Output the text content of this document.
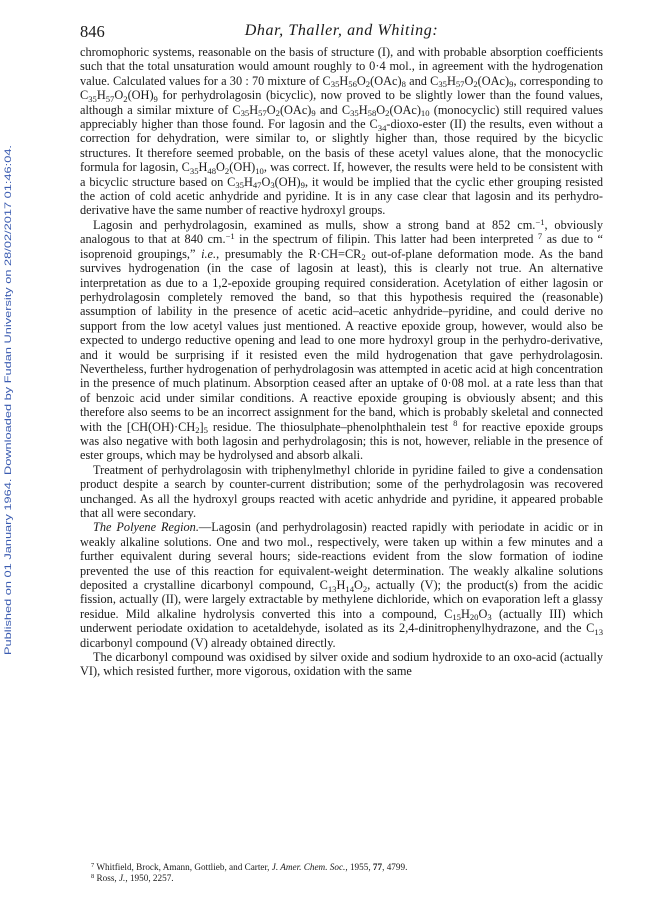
Published on 01 January 1964. Downloaded by Fudan University on 28/02/2017 01:46:04.
846	Dhar, Thaller, and Whiting:

chromophoric systems, reasonable on the basis of structure (I), and with probable absorption coefficients such that the total unsaturation would amount roughly to 0·4 mol., in agreement with the hydrogenation value. Calculated values for a 30 : 70 mixture of $C_{35}H_{56}O_2(OAc)_8$ and $C_{35}H_{57}O_2(OAc)_9$, corresponding to $C_{35}H_{57}O_2(OH)_9$ for perhydrolagosin (bicyclic), now proved to be slightly lower than the found values, although a similar mixture of $C_{35}H_{57}O_2(OAc)_9$ and $C_{35}H_{58}O_2(OAc)_{10}$ (monocyclic) still required values appreciably higher than those found. For lagosin and the $C_{34}-dioxo$-ester (II) the results, even without a correction for dehydration, were similar to, or slightly higher than, those required by the bicyclic structures. It therefore seemed probable, on the basis of these acetyl values alone, that the monocyclic formula for lagosin, $C_{35}H_{48}O_2(OH)_{10}$, was correct. If, however, the results were held to be consistent with a bicyclic structure based on $C_{35}H_{47}O_3(OH)_9$, it would be implied that the cyclic ether grouping resisted the action of cold acetic anhydride and pyridine. It is in any case clear that lagosin and its perhydro-derivative have the same number of reactive hydroxyl groups.

Lagosin and perhydrolagosin, examined as mulls, show a strong band at 852 cm.$^{-1}$, obviously analogous to that at 840 cm.$^{-1}$ in the spectrum of filipin. This latter had been interpreted $^7$ as due to “ isoprenoid groupings,” i.e., presumably the $R\cdot CH=CR_2$ out-of-plane deformation mode. As the band survives hydrogenation (in the case of lagosin at least), this is clearly not true. An alternative interpretation as due to a 1,2-epoxide grouping required consideration. Acetylation of either lagosin or perhydrolagosin completely removed the band, so that this hypothesis required the (reasonable) assumption of lability in the presence of acetic acid–acetic anhydride–pyridine, and could derive no support from the low acetyl values just mentioned. A reactive epoxide group, however, would also be expected to undergo reductive opening and lead to one more hydroxyl group in the perhydro-derivative, and it would be surprising if it resisted even the mild hydrogenation that gave perhydrolagosin. Nevertheless, further hydrogenation of perhydrolagosin was attempted in acetic acid at high concentration in the presence of much platinum. Absorption ceased after an uptake of 0·08 mol. at a rate less than that of benzoic acid under similar conditions. A reactive epoxide grouping is obviously absent; and this therefore also seems to be an incorrect assignment for the band, which is probably skeletal and connected with the $[CH(OH)\cdot CH_2]_5$ residue. The thiosulphate–phenolphthalein test $^8$ for reactive epoxide groups was also negative with both lagosin and perhydrolagosin; this is not, however, reliable in the presence of ester groups, which may be hydrolysed and absorb alkali.

Treatment of perhydrolagosin with triphenylmethyl chloride in pyridine failed to give a condensation product despite a search by counter-current distribution; some of the perhydrolagosin was recovered unchanged. As all the hydroxyl groups reacted with acetic anhydride and pyridine, it appeared probable that all were secondary.

The Polyene Region.—Lagosin (and perhydrolagosin) reacted rapidly with periodate in acidic or in weakly alkaline solutions. One and two mol., respectively, were taken up within a few minutes and a further equivalent during several hours; side-reactions evident from the slow formation of iodine prevented the use of this reaction for equivalent-weight determination. The weakly alkaline solutions deposited a crystalline dicarbonyl compound, $C_{13}H_{14}O_2$, actually (V); the product(s) from the acidic fission, actually (II), were largely extractable by methylene dichloride, which on evaporation left a glassy residue. Mild alkaline hydrolysis converted this into a compound, $C_{15}H_{20}O_3$ (actually III) which underwent periodate oxidation to acetaldehyde, isolated as its 2,4-dinitrophenylhydrazone, and the $C_{13}$ dicarbonyl compound (V) already obtained directly.

The dicarbonyl compound was oxidised by silver oxide and sodium hydroxide to an oxo-acid (actually VI), which resisted further, more vigorous, oxidation with the same

$^7$ Whitfield, Brock, Amann, Gottlieb, and Carter, J. Amer. Chem. Soc., 1955, 77, 4799.

$^8$ Ross, J., 1950, 2257.
